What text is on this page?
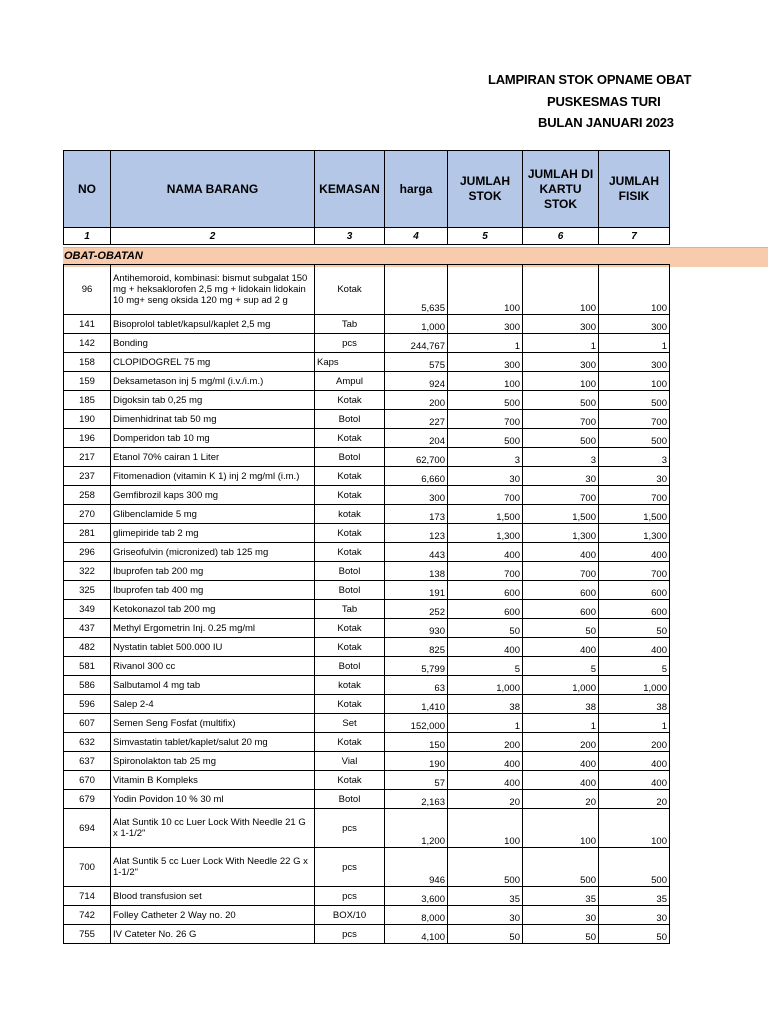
LAMPIRAN STOK OPNAME OBAT
PUSKESMAS TURI
BULAN JANUARI 2023
NO	NAMA BARANG	KEMASAN	harga	JUMLAH STOK	JUMLAH DI KARTU STOK	JUMLAH FISIK
1	2	3	4	5	6	7

96	Antihemoroid, kombinasi: bismut subgalat 150 mg + heksaklorofen 2,5 mg + lidokain lidokain 10 mg+ seng oksida 120 mg + sup ad 2 g	Kotak	5,635	100	100	100
141	Bisoprolol tablet/kapsul/kaplet 2,5 mg	Tab	1,000	300	300	300
142	Bonding	pcs	244,767	1	1	1
158	CLOPIDOGREL 75 mg	Kaps	575	300	300	300
159	Deksametason inj 5 mg/ml (i.v./i.m.)	Ampul	924	100	100	100
185	Digoksin tab 0,25 mg	Kotak	200	500	500	500
190	Dimenhidrinat tab 50 mg	Botol	227	700	700	700
196	Domperidon tab 10 mg	Kotak	204	500	500	500
217	Etanol 70% cairan 1 Liter	Botol	62,700	3	3	3
237	Fitomenadion (vitamin K 1) inj 2 mg/ml (i.m.)	Kotak	6,660	30	30	30
258	Gemfibrozil kaps 300 mg	Kotak	300	700	700	700
270	Glibenclamide 5 mg	kotak	173	1,500	1,500	1,500
281	glimepiride tab 2 mg	Kotak	123	1,300	1,300	1,300
296	Griseofulvin (micronized) tab 125 mg	Kotak	443	400	400	400
322	Ibuprofen tab 200 mg	Botol	138	700	700	700
325	Ibuprofen tab 400 mg	Botol	191	600	600	600
349	Ketokonazol tab 200 mg	Tab	252	600	600	600
437	Methyl Ergometrin Inj. 0.25 mg/ml	Kotak	930	50	50	50
482	Nystatin tablet 500.000 IU	Kotak	825	400	400	400
581	Rivanol 300 cc	Botol	5,799	5	5	5
586	Salbutamol 4 mg tab	kotak	63	1,000	1,000	1,000
596	Salep 2-4	Kotak	1,410	38	38	38
607	Semen Seng Fosfat (multifix)	Set	152,000	1	1	1
632	Simvastatin tablet/kaplet/salut 20 mg	Kotak	150	200	200	200
637	Spironolakton tab 25 mg	Vial	190	400	400	400
670	Vitamin B Kompleks	Kotak	57	400	400	400
679	Yodin Povidon 10 % 30 ml	Botol	2,163	20	20	20
694	Alat Suntik 10 cc Luer Lock With Needle 21 G x 1-1/2"	pcs	1,200	100	100	100
700	Alat Suntik 5 cc Luer Lock With Needle 22 G x 1-1/2"	pcs	946	500	500	500
714	Blood transfusion set	pcs	3,600	35	35	35
742	Folley Catheter 2 Way no. 20	BOX/10	8,000	30	30	30
755	IV Cateter No. 26 G	pcs	4,100	50	50	50
OBAT-OBATAN
